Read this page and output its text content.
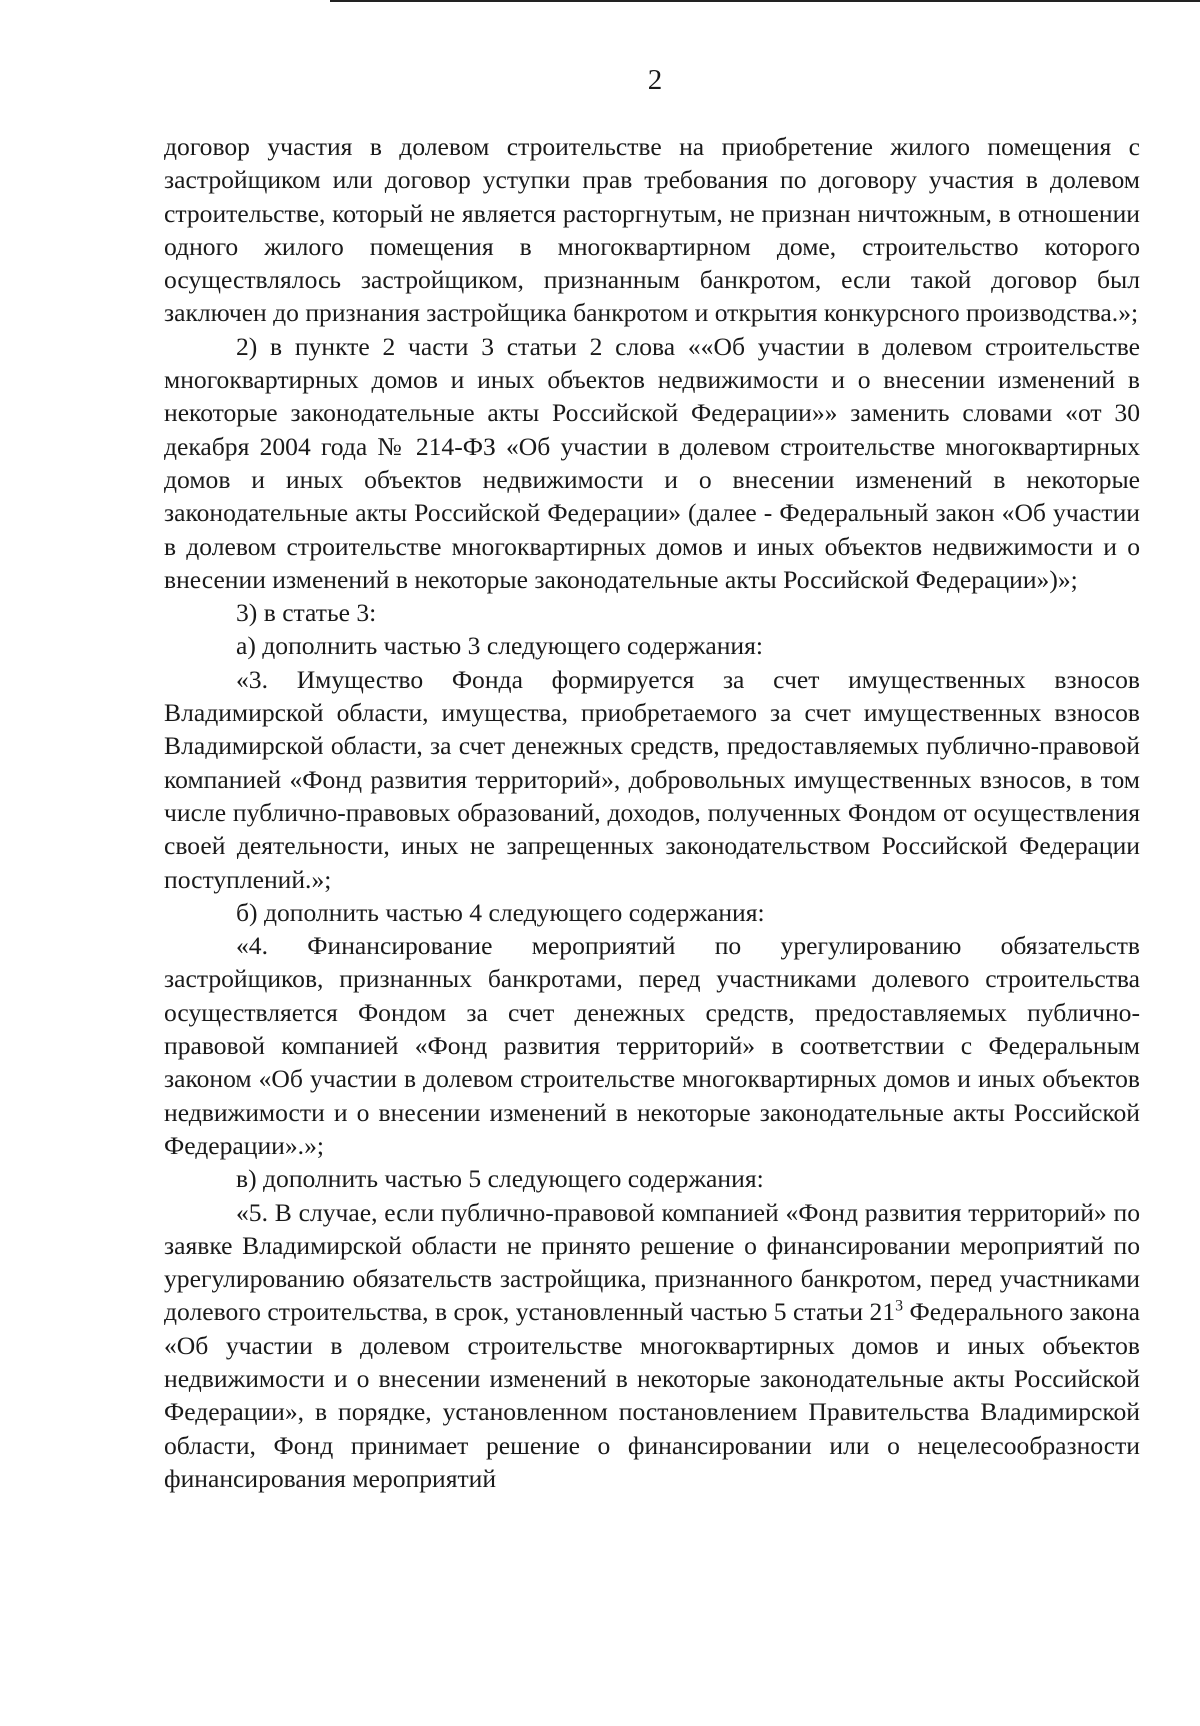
2

договор участия в долевом строительстве на приобретение жилого помещения с застройщиком или договор уступки прав требования по договору участия в долевом строительстве, который не является расторгнутым, не признан ничтожным, в отношении одного жилого помещения в многоквартирном доме, строительство которого осуществлялось застройщиком, признанным банкротом, если такой договор был заключен до признания застройщика банкротом и открытия конкурсного производства.»;

2) в пункте 2 части 3 статьи 2 слова ««Об участии в долевом строительстве многоквартирных домов и иных объектов недвижимости и о внесении изменений в некоторые законодательные акты Российской Федерации»» заменить словами «от 30 декабря 2004 года № 214-ФЗ «Об участии в долевом строительстве многоквартирных домов и иных объектов недвижимости и о внесении изменений в некоторые законодательные акты Российской Федерации» (далее - Федеральный закон «Об участии в долевом строительстве многоквартирных домов и иных объектов недвижимости и о внесении изменений в некоторые законодательные акты Российской Федерации»)»;

3) в статье 3:

а) дополнить частью 3 следующего содержания:

«3. Имущество Фонда формируется за счет имущественных взносов Владимирской области, имущества, приобретаемого за счет имущественных взносов Владимирской области, за счет денежных средств, предоставляемых публично-правовой компанией «Фонд развития территорий», добровольных имущественных взносов, в том числе публично-правовых образований, доходов, полученных Фондом от осуществления своей деятельности, иных не запрещенных законодательством Российской Федерации поступлений.»;

б) дополнить частью 4 следующего содержания:

«4. Финансирование мероприятий по урегулированию обязательств застройщиков, признанных банкротами, перед участниками долевого строительства осуществляется Фондом за счет денежных средств, предоставляемых публично-правовой компанией «Фонд развития территорий» в соответствии с Федеральным законом «Об участии в долевом строительстве многоквартирных домов и иных объектов недвижимости и о внесении изменений в некоторые законодательные акты Российской Федерации».»;

в) дополнить частью 5 следующего содержания:

«5. В случае, если публично-правовой компанией «Фонд развития территорий» по заявке Владимирской области не принято решение о финансировании мероприятий по урегулированию обязательств застройщика, признанного банкротом, перед участниками долевого строительства, в срок, установленный частью 5 статьи $21^3$ Федерального закона «Об участии в долевом строительстве многоквартирных домов и иных объектов недвижимости и о внесении изменений в некоторые законодательные акты Российской Федерации», в порядке, установленном постановлением Правительства Владимирской области, Фонд принимает решение о финансировании или о нецелесообразности финансирования мероприятий
